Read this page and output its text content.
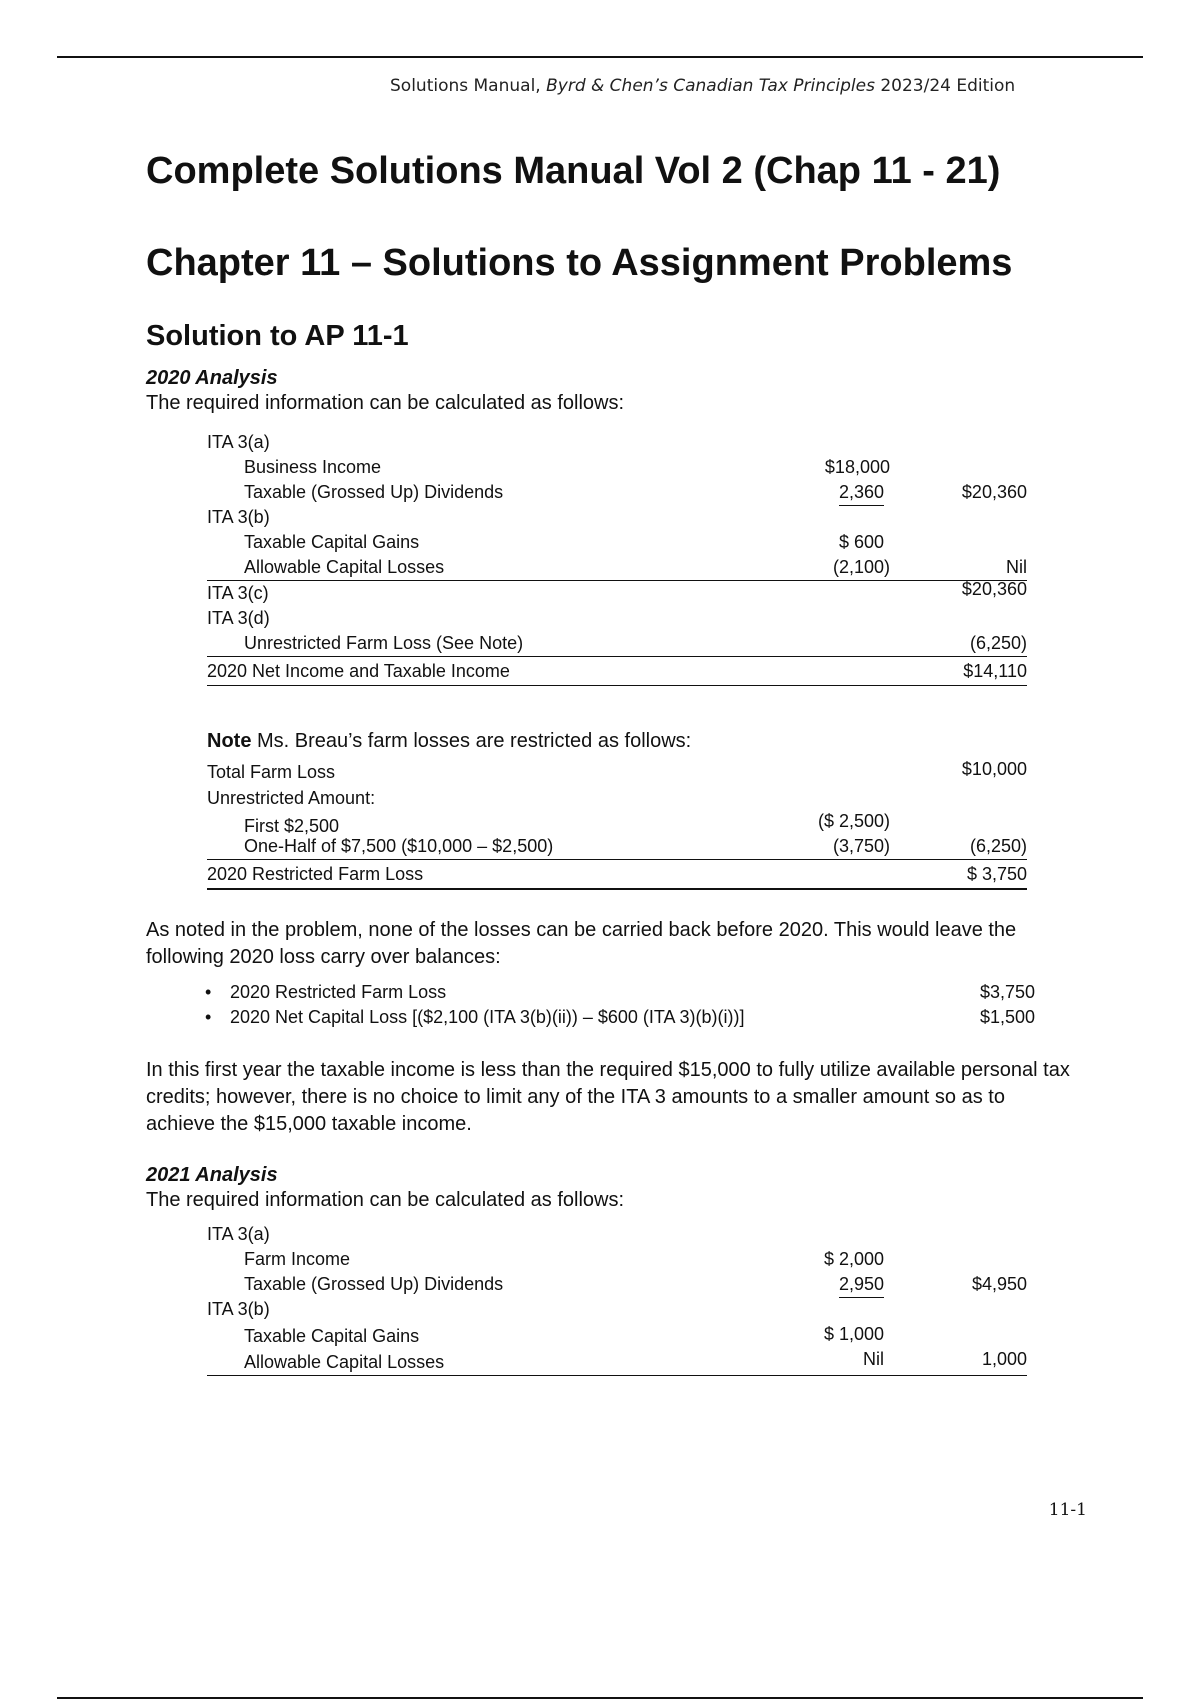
Solutions Manual, Byrd & Chen’s Canadian Tax Principles 2023/24 Edition
Complete Solutions Manual Vol 2 (Chap 11 - 21)
Chapter 11 – Solutions to Assignment Problems
Solution to AP 11-1
2020 Analysis
The required information can be calculated as follows:
ITA 3(a)
Business Income	$18,000
Taxable (Grossed Up) Dividends	2,360	$20,360
ITA 3(b)
Taxable Capital Gains	$ 600
Allowable Capital Losses	(2,100)	Nil
ITA 3(c)	$20,360
ITA 3(d)
Unrestricted Farm Loss (See Note)	(6,250)
2020 Net Income and Taxable Income	$14,110
Note Ms. Breau’s farm losses are restricted as follows:
Total Farm Loss	$10,000
Unrestricted Amount:
First $2,500	($ 2,500)
One-Half of $7,500 ($10,000 – $2,500)	(3,750)	(6,250)
2020 Restricted Farm Loss	$ 3,750
As noted in the problem, none of the losses can be carried back before 2020. This would leave the following 2020 loss carry over balances:
• 2020 Restricted Farm Loss	$3,750
• 2020 Net Capital Loss [($2,100 (ITA 3(b)(ii)) – $600 (ITA 3)(b)(i))]	$1,500
In this first year the taxable income is less than the required $15,000 to fully utilize available personal tax credits; however, there is no choice to limit any of the ITA 3 amounts to a smaller amount so as to achieve the $15,000 taxable income.
2021 Analysis
The required information can be calculated as follows:
ITA 3(a)
Farm Income	$ 2,000
Taxable (Grossed Up) Dividends	2,950	$4,950
ITA 3(b)
Taxable Capital Gains	$ 1,000
Allowable Capital Losses	Nil	1,000
11-1
